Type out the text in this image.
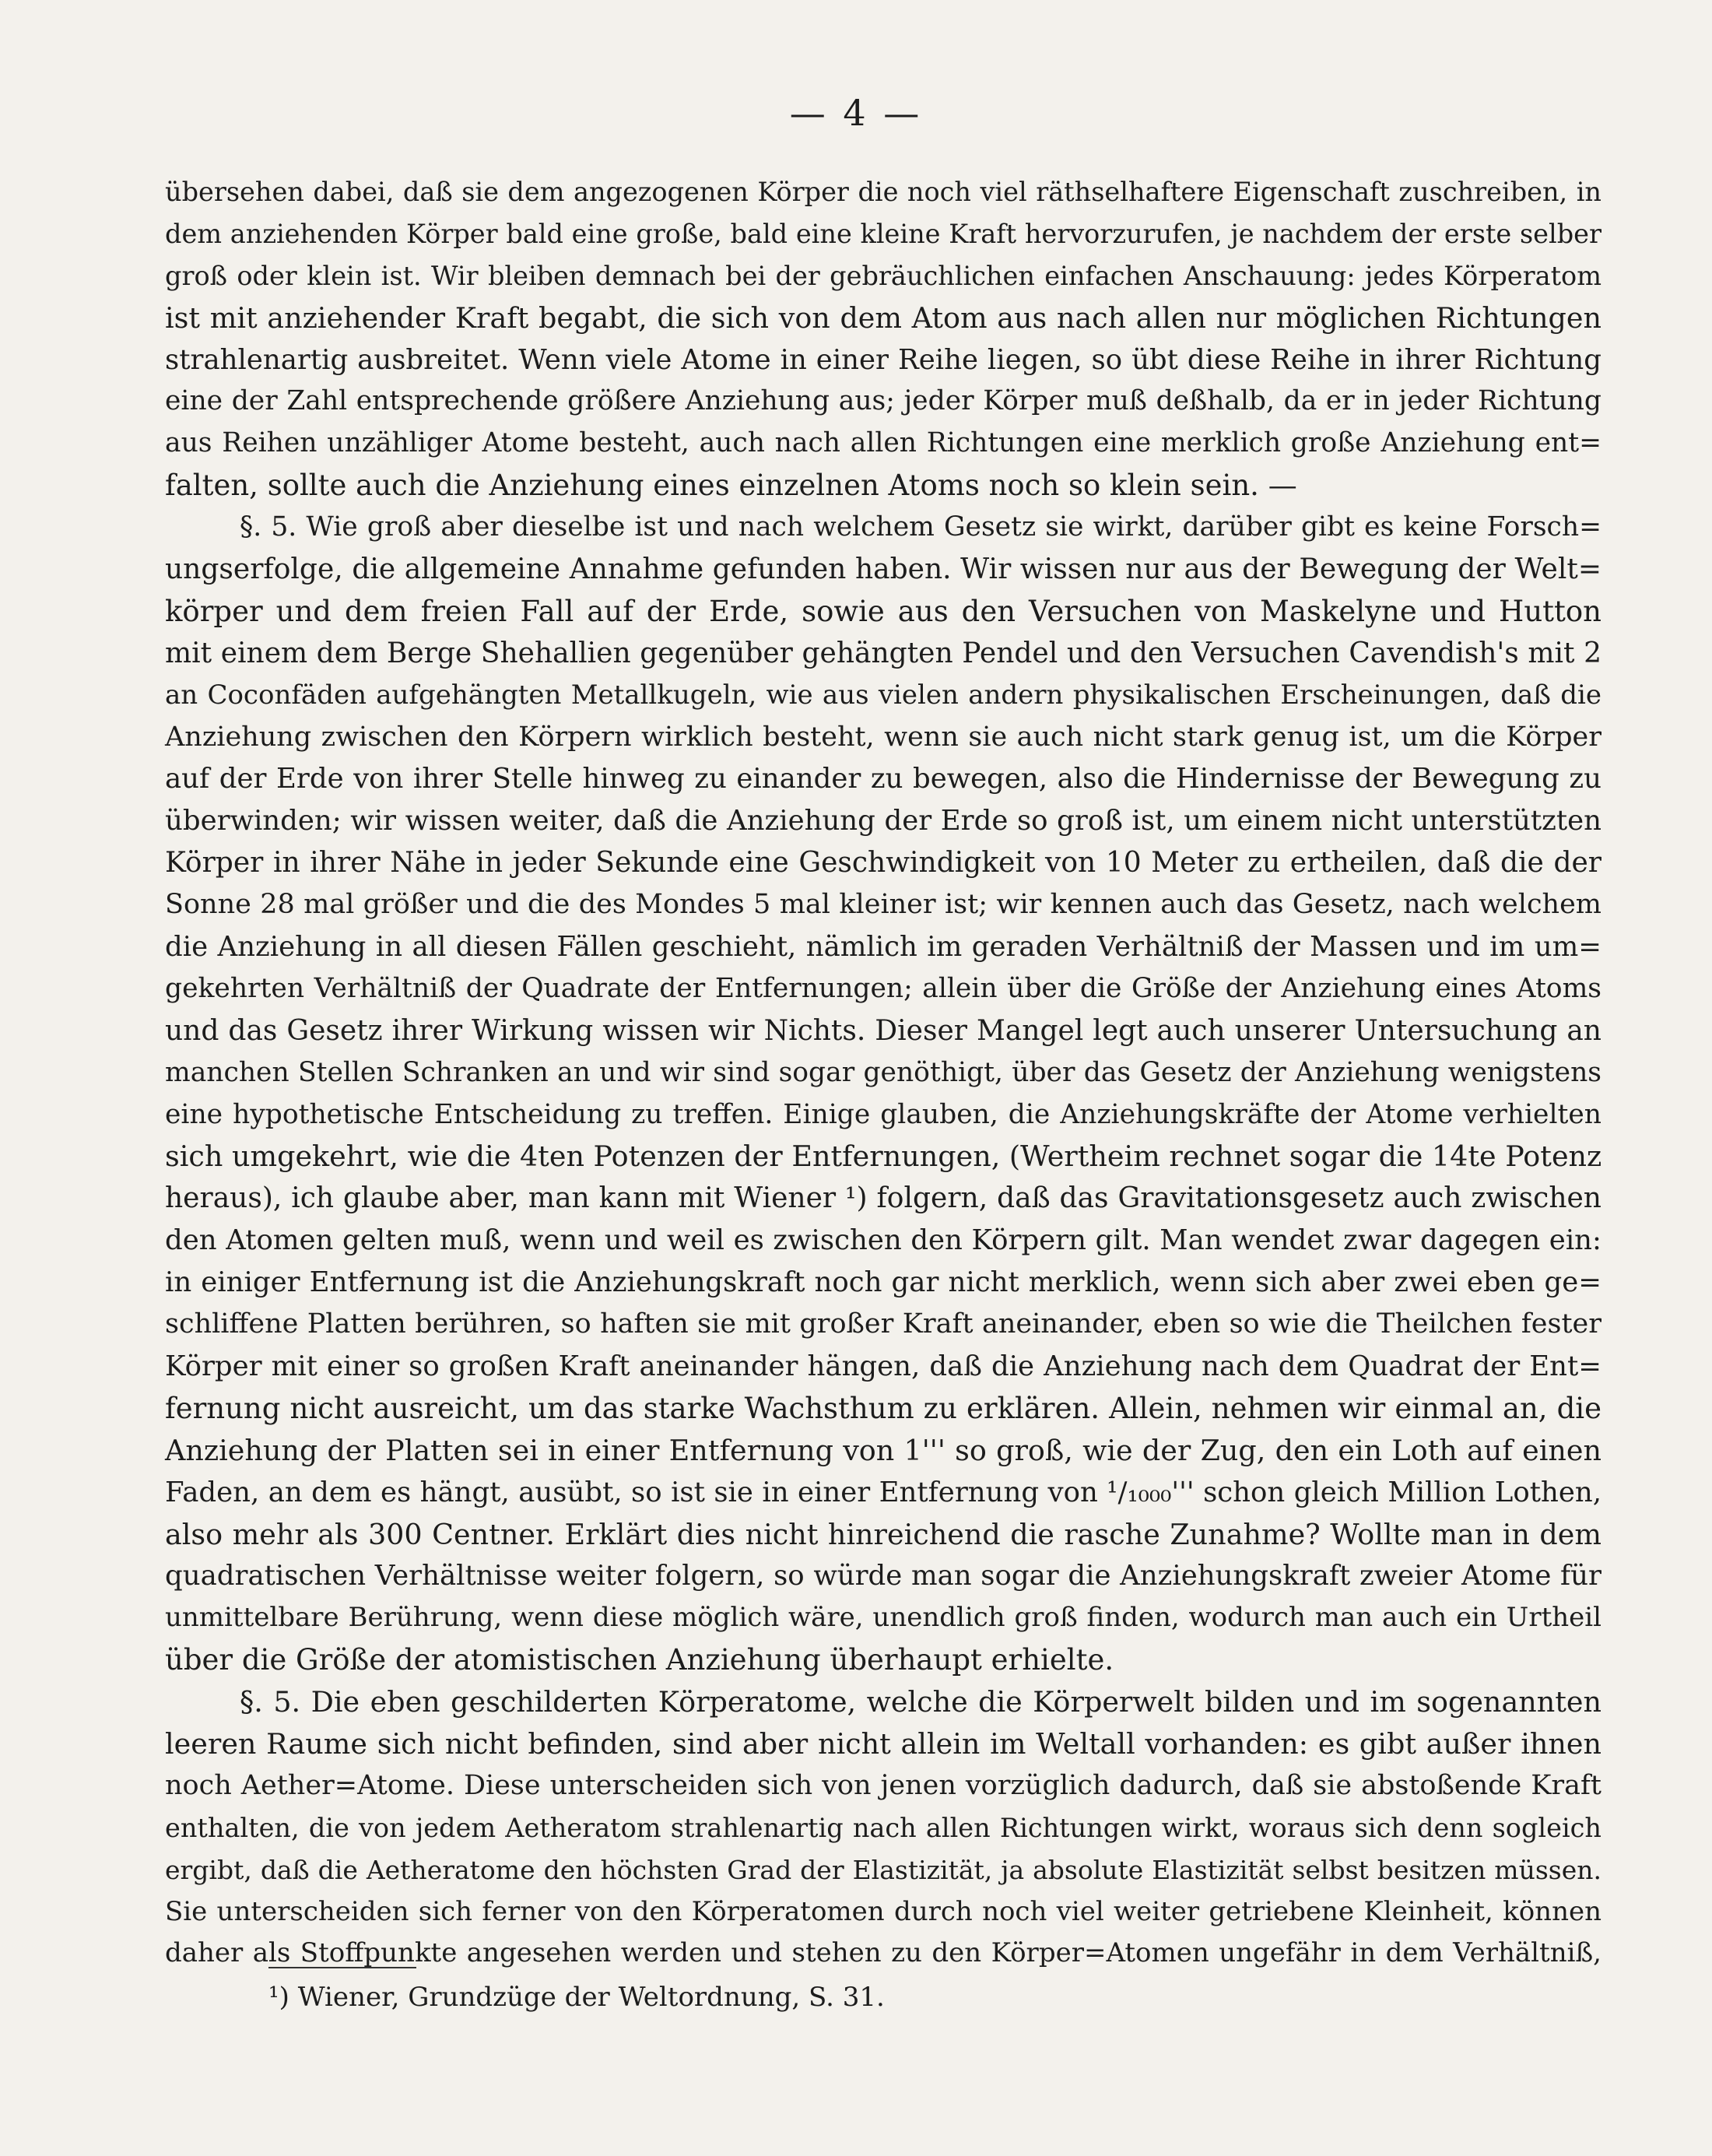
— 4 —
übersehen dabei, daß sie dem angezogenen Körper die noch viel räthselhaftere Eigenschaft zuschreiben, in
dem anziehenden Körper bald eine große, bald eine kleine Kraft hervorzurufen, je nachdem der erste selber
groß oder klein ist. Wir bleiben demnach bei der gebräuchlichen einfachen Anschauung: jedes Körperatom
ist mit anziehender Kraft begabt, die sich von dem Atom aus nach allen nur möglichen Richtungen
strahlenartig ausbreitet. Wenn viele Atome in einer Reihe liegen, so übt diese Reihe in ihrer Richtung
eine der Zahl entsprechende größere Anziehung aus; jeder Körper muß deßhalb, da er in jeder Richtung
aus Reihen unzähliger Atome besteht, auch nach allen Richtungen eine merklich große Anziehung ent=
falten, sollte auch die Anziehung eines einzelnen Atoms noch so klein sein. —
§. 5. Wie groß aber dieselbe ist und nach welchem Gesetz sie wirkt, darüber gibt es keine Forsch=
ungserfolge, die allgemeine Annahme gefunden haben. Wir wissen nur aus der Bewegung der Welt=
körper und dem freien Fall auf der Erde, sowie aus den Versuchen von Maskelyne und Hutton
mit einem dem Berge Shehallien gegenüber gehängten Pendel und den Versuchen Cavendish's mit 2
an Coconfäden aufgehängten Metallkugeln, wie aus vielen andern physikalischen Erscheinungen, daß die
Anziehung zwischen den Körpern wirklich besteht, wenn sie auch nicht stark genug ist, um die Körper
auf der Erde von ihrer Stelle hinweg zu einander zu bewegen, also die Hindernisse der Bewegung zu
überwinden; wir wissen weiter, daß die Anziehung der Erde so groß ist, um einem nicht unterstützten
Körper in ihrer Nähe in jeder Sekunde eine Geschwindigkeit von 10 Meter zu ertheilen, daß die der
Sonne 28 mal größer und die des Mondes 5 mal kleiner ist; wir kennen auch das Gesetz, nach welchem
die Anziehung in all diesen Fällen geschieht, nämlich im geraden Verhältniß der Massen und im um=
gekehrten Verhältniß der Quadrate der Entfernungen; allein über die Größe der Anziehung eines Atoms
und das Gesetz ihrer Wirkung wissen wir Nichts. Dieser Mangel legt auch unserer Untersuchung an
manchen Stellen Schranken an und wir sind sogar genöthigt, über das Gesetz der Anziehung wenigstens
eine hypothetische Entscheidung zu treffen. Einige glauben, die Anziehungskräfte der Atome verhielten
sich umgekehrt, wie die 4ten Potenzen der Entfernungen, (Wertheim rechnet sogar die 14te Potenz
heraus), ich glaube aber, man kann mit Wiener ¹) folgern, daß das Gravitationsgesetz auch zwischen
den Atomen gelten muß, wenn und weil es zwischen den Körpern gilt. Man wendet zwar dagegen ein:
in einiger Entfernung ist die Anziehungskraft noch gar nicht merklich, wenn sich aber zwei eben ge=
schliffene Platten berühren, so haften sie mit großer Kraft aneinander, eben so wie die Theilchen fester
Körper mit einer so großen Kraft aneinander hängen, daß die Anziehung nach dem Quadrat der Ent=
fernung nicht ausreicht, um das starke Wachsthum zu erklären. Allein, nehmen wir einmal an, die
Anziehung der Platten sei in einer Entfernung von 1''' so groß, wie der Zug, den ein Loth auf einen
Faden, an dem es hängt, ausübt, so ist sie in einer Entfernung von ¹/₁₀₀₀''' schon gleich Million Lothen,
also mehr als 300 Centner. Erklärt dies nicht hinreichend die rasche Zunahme? Wollte man in dem
quadratischen Verhältnisse weiter folgern, so würde man sogar die Anziehungskraft zweier Atome für
unmittelbare Berührung, wenn diese möglich wäre, unendlich groß finden, wodurch man auch ein Urtheil
über die Größe der atomistischen Anziehung überhaupt erhielte.
§. 5. Die eben geschilderten Körperatome, welche die Körperwelt bilden und im sogenannten
leeren Raume sich nicht befinden, sind aber nicht allein im Weltall vorhanden: es gibt außer ihnen
noch Aether=Atome. Diese unterscheiden sich von jenen vorzüglich dadurch, daß sie abstoßende Kraft
enthalten, die von jedem Aetheratom strahlenartig nach allen Richtungen wirkt, woraus sich denn sogleich
ergibt, daß die Aetheratome den höchsten Grad der Elastizität, ja absolute Elastizität selbst besitzen müssen.
Sie unterscheiden sich ferner von den Körperatomen durch noch viel weiter getriebene Kleinheit, können
daher als Stoffpunkte angesehen werden und stehen zu den Körper=Atomen ungefähr in dem Verhältniß,
¹) Wiener, Grundzüge der Weltordnung, S. 31.
